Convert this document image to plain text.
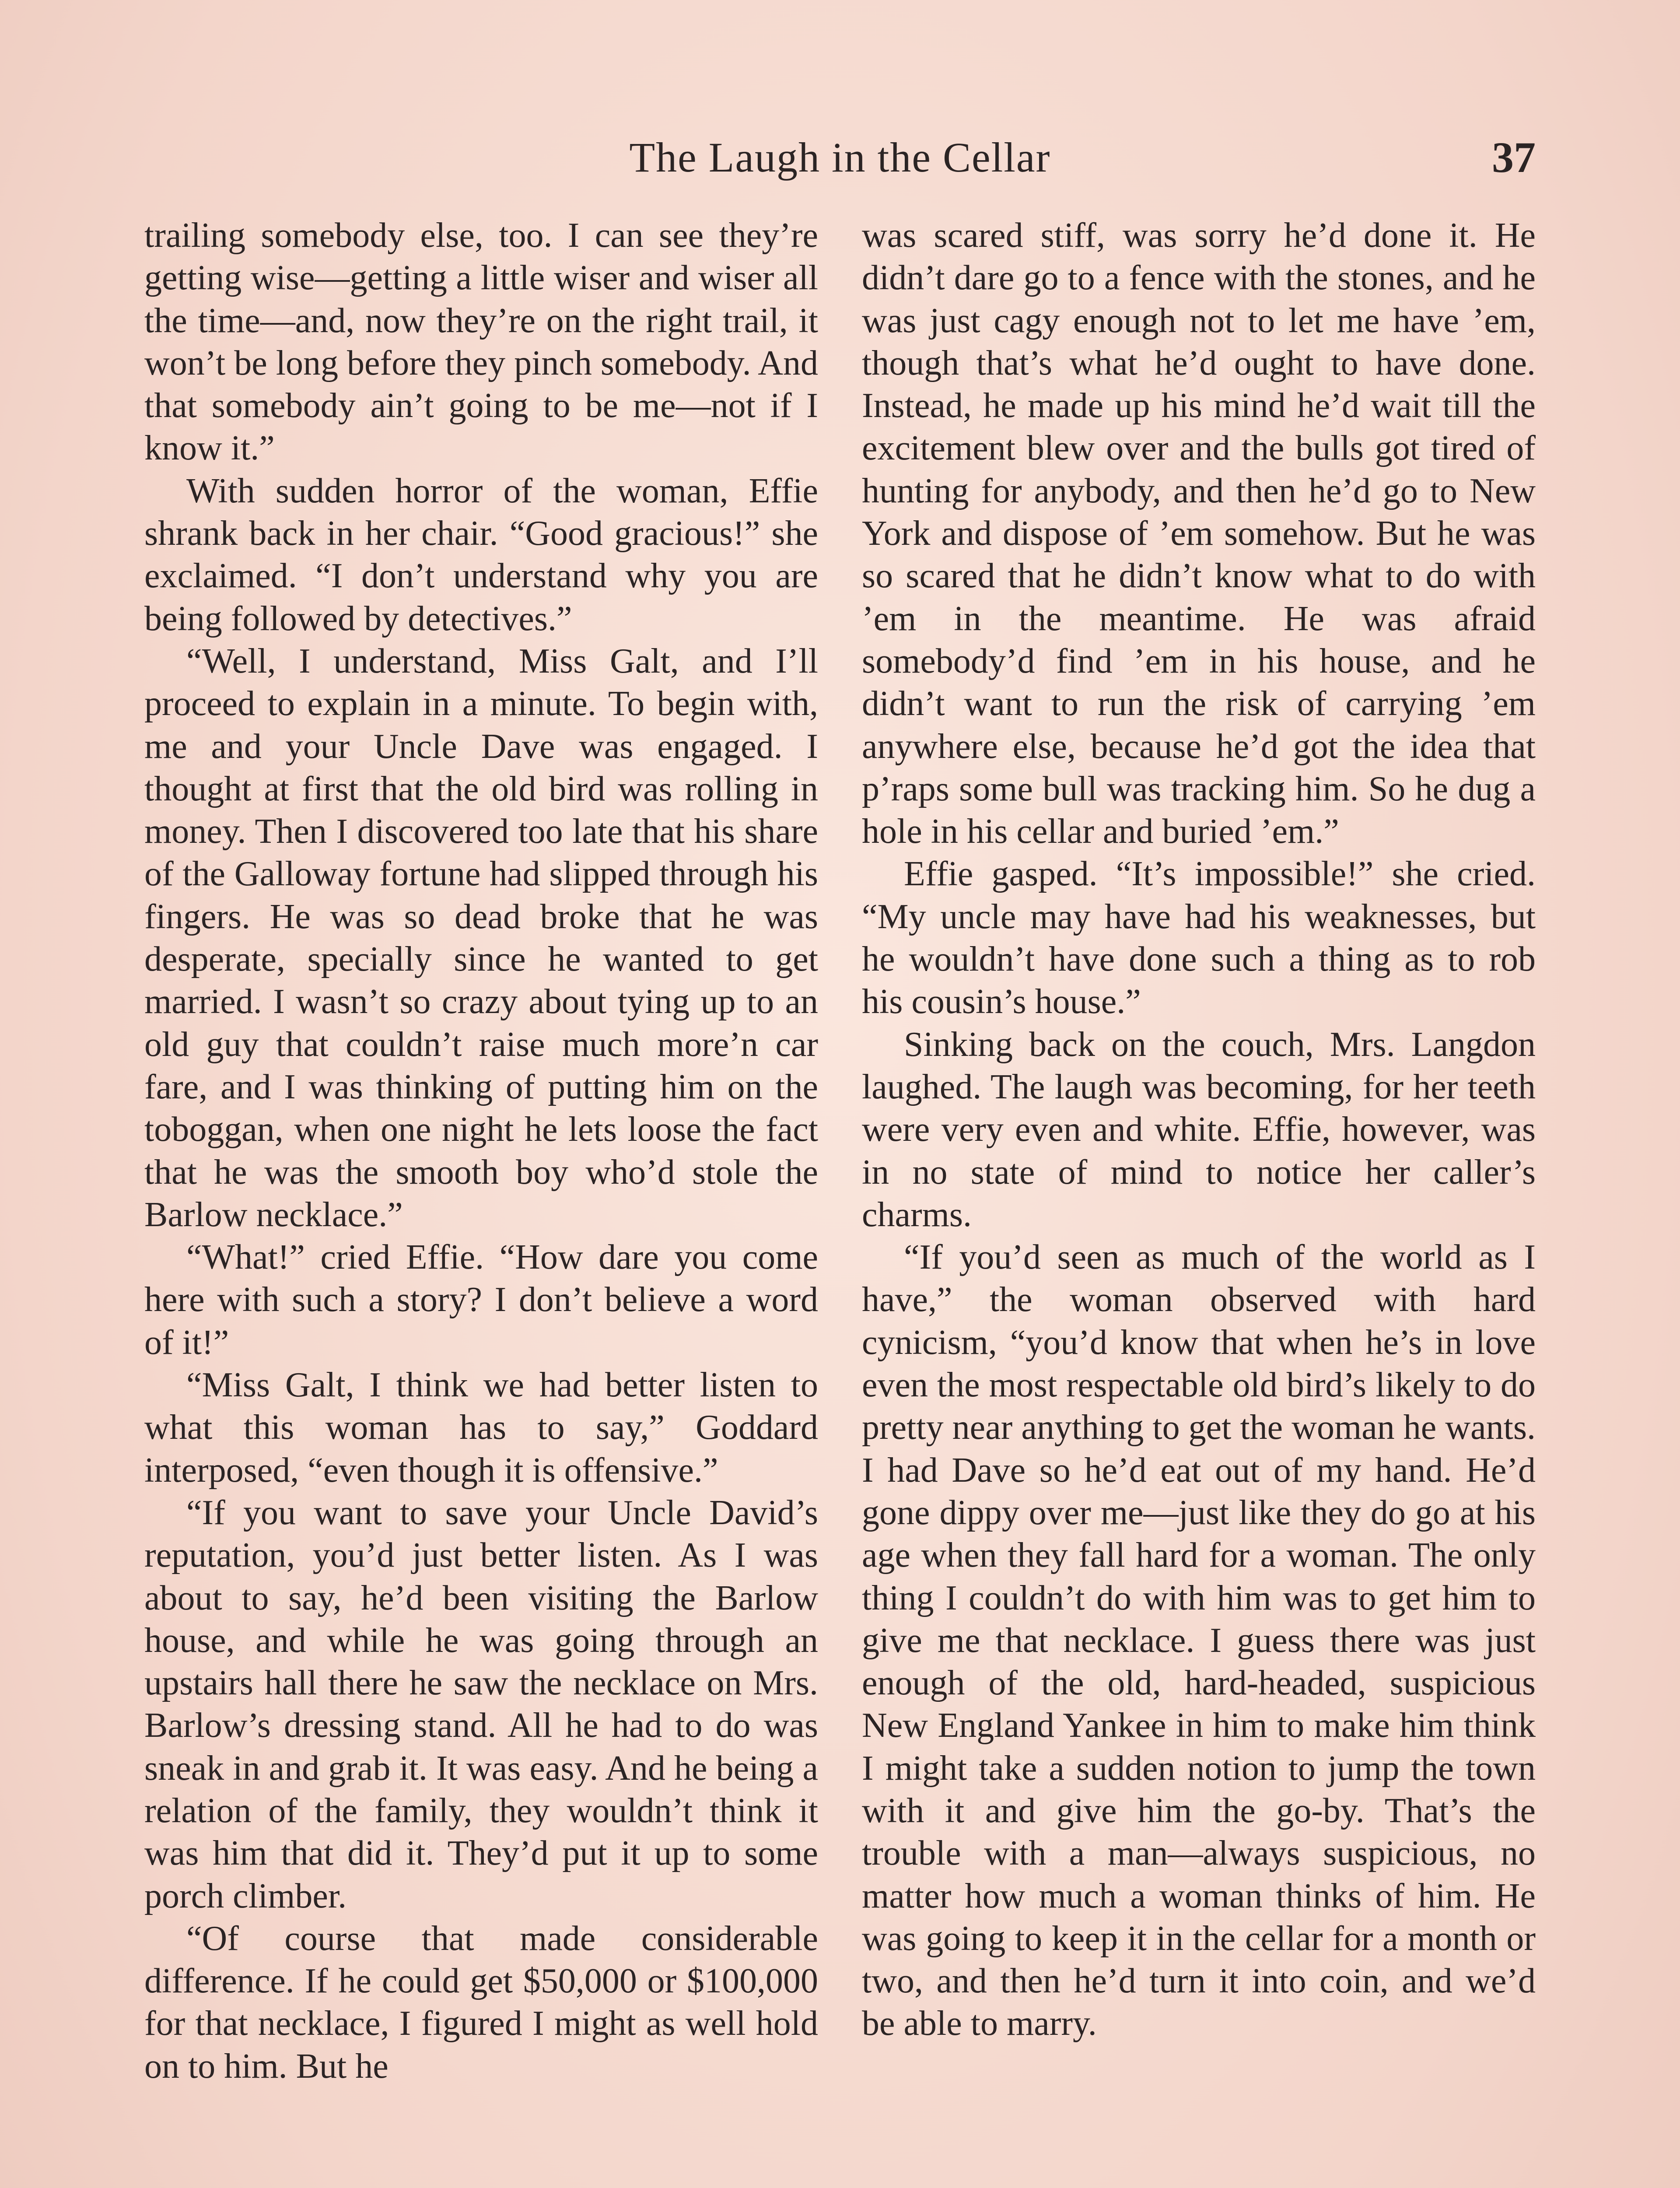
The Laugh in the Cellar	37

trailing somebody else, too. I can see they’re getting wise—getting a little wiser and wiser all the time—and, now they’re on the right trail, it won’t be long before they pinch somebody. And that somebody ain’t going to be me—not if I know it.”

With sudden horror of the woman, Effie shrank back in her chair. “Good gracious!” she exclaimed. “I don’t understand why you are being followed by detectives.”

“Well, I understand, Miss Galt, and I’ll proceed to explain in a minute. To begin with, me and your Uncle Dave was engaged. I thought at first that the old bird was rolling in money. Then I discovered too late that his share of the Galloway fortune had slipped through his fingers. He was so dead broke that he was desperate, specially since he wanted to get married. I wasn’t so crazy about tying up to an old guy that couldn’t raise much more’n car fare, and I was thinking of putting him on the toboggan, when one night he lets loose the fact that he was the smooth boy who’d stole the Barlow necklace.”

“What!” cried Effie. “How dare you come here with such a story? I don’t believe a word of it!”

“Miss Galt, I think we had better listen to what this woman has to say,” Goddard interposed, “even though it is offensive.”

“If you want to save your Uncle David’s reputation, you’d just better listen. As I was about to say, he’d been visiting the Barlow house, and while he was going through an upstairs hall there he saw the necklace on Mrs. Barlow’s dressing stand. All he had to do was sneak in and grab it. It was easy. And he being a relation of the family, they wouldn’t think it was him that did it. They’d put it up to some porch climber.

“Of course that made considerable difference. If he could get $50,000 or $100,000 for that necklace, I figured I might as well hold on to him. But he

was scared stiff, was sorry he’d done it. He didn’t dare go to a fence with the stones, and he was just cagy enough not to let me have ’em, though that’s what he’d ought to have done. Instead, he made up his mind he’d wait till the excitement blew over and the bulls got tired of hunting for anybody, and then he’d go to New York and dispose of ’em somehow. But he was so scared that he didn’t know what to do with ’em in the meantime. He was afraid somebody’d find ’em in his house, and he didn’t want to run the risk of carrying ’em anywhere else, because he’d got the idea that p’raps some bull was tracking him. So he dug a hole in his cellar and buried ’em.”

Effie gasped. “It’s impossible!” she cried. “My uncle may have had his weaknesses, but he wouldn’t have done such a thing as to rob his cousin’s house.”

Sinking back on the couch, Mrs. Langdon laughed. The laugh was becoming, for her teeth were very even and white. Effie, however, was in no state of mind to notice her caller’s charms.

“If you’d seen as much of the world as I have,” the woman observed with hard cynicism, “you’d know that when he’s in love even the most respectable old bird’s likely to do pretty near anything to get the woman he wants. I had Dave so he’d eat out of my hand. He’d gone dippy over me—just like they do go at his age when they fall hard for a woman. The only thing I couldn’t do with him was to get him to give me that necklace. I guess there was just enough of the old, hard-headed, suspicious New England Yankee in him to make him think I might take a sudden notion to jump the town with it and give him the go-by. That’s the trouble with a man—always suspicious, no matter how much a woman thinks of him. He was going to keep it in the cellar for a month or two, and then he’d turn it into coin, and we’d be able to marry.
